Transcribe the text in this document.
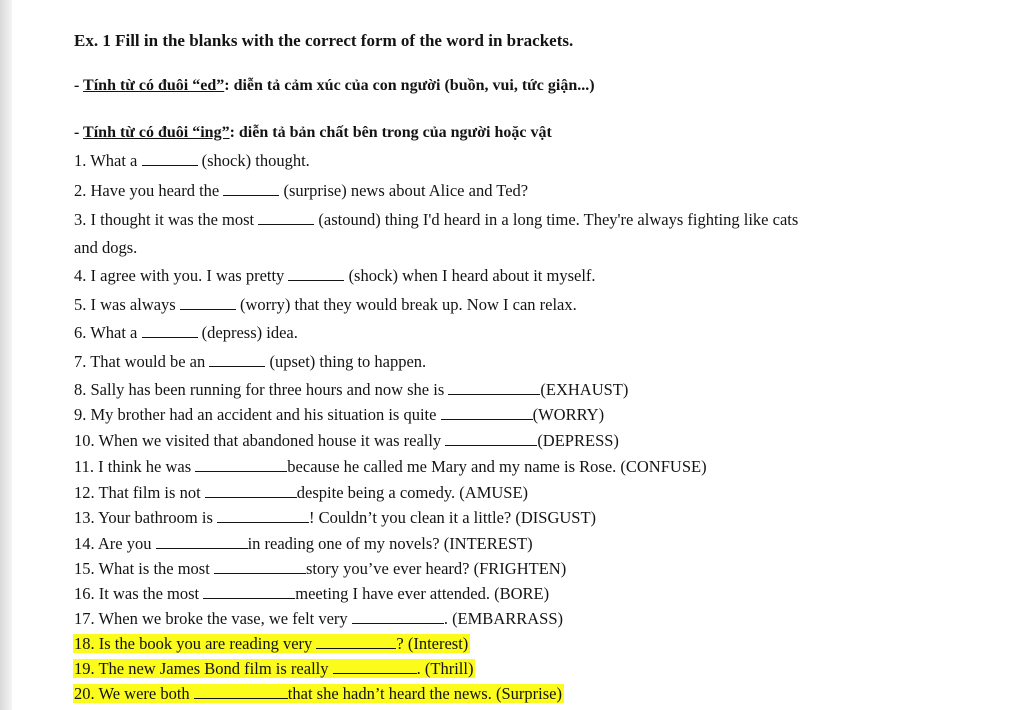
Ex. 1 Fill in the blanks with the correct form of the word in brackets.
- Tính từ có đuôi “ed”: diễn tả cảm xúc của con người (buồn, vui, tức giận...)
- Tính từ có đuôi “ing”: diễn tả bản chất bên trong của người hoặc vật
1. What a	(shock) thought.
2. Have you heard the	(surprise) news about Alice and Ted?
3. I thought it was the most	(astound) thing I'd heard in a long time. They're always fighting like cats
and dogs.
4. I agree with you. I was pretty	(shock) when I heard about it myself.
5. I was always	(worry) that they would break up. Now I can relax.
6. What a	(depress) idea.
7. That would be an	(upset) thing to happen.
8. Sally has been running for three hours and now she is	(EXHAUST)
9. My brother had an accident and his situation is quite	(WORRY)
10. When we visited that abandoned house it was really	(DEPRESS)
11. I think he was	because he called me Mary and my name is Rose. (CONFUSE)
12. That film is not	despite being a comedy. (AMUSE)
13. Your bathroom is	! Couldn’t you clean it a little? (DISGUST)
14. Are you	in reading one of my novels? (INTEREST)
15. What is the most	story you’ve ever heard? (FRIGHTEN)
16. It was the most	meeting I have ever attended. (BORE)
17. When we broke the vase, we felt very	. (EMBARRASS)
18. Is the book you are reading very	? (Interest)
19. The new James Bond film is really	. (Thrill)
20. We were both	that she hadn’t heard the news. (Surprise)
